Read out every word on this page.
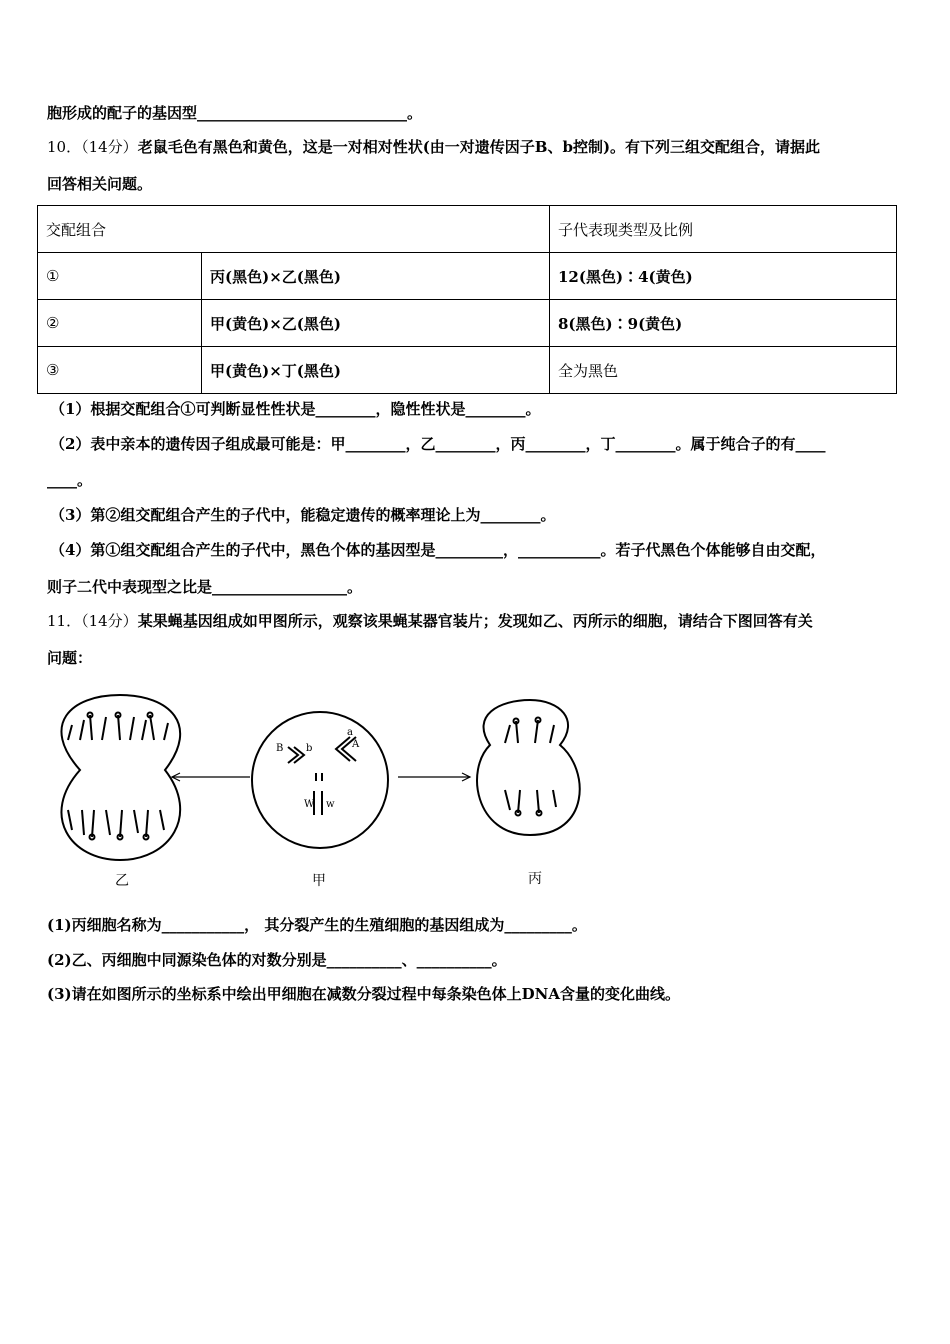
胞形成的配子的基因型____________________________。
10．（14分）老鼠毛色有黑色和黄色，这是一对相对性状(由一对遗传因子B、b控制)。有下列三组交配组合，请据此
回答相关问题。
交配组合		子代表现类型及比例
①	丙(黑色)×乙(黑色)	12(黑色)∶4(黄色)
②	甲(黄色)×乙(黑色)	8(黑色)∶9(黄色)
③	甲(黄色)×丁(黑色)	全为黑色
（1）根据交配组合①可判断显性性状是________，隐性性状是________。
（2）表中亲本的遗传因子组成最可能是：甲________，乙________，丙________，丁________。属于纯合子的有____
____。
（3）第②组交配组合产生的子代中，能稳定遗传的概率理论上为________。
（4）第①组交配组合产生的子代中，黑色个体的基因型是_________，___________。若子代黑色个体能够自由交配，
则子二代中表现型之比是__________________。
11．（14分）某果蝇基因组成如甲图所示，观察该果蝇某器官装片；发现如乙、丙所示的细胞，请结合下图回答有关
问题：
B b
a
A
W w
乙	甲	丙
(1)丙细胞名称为___________， 其分裂产生的生殖细胞的基因组成为_________。
(2)乙、丙细胞中同源染色体的对数分别是__________、__________。
(3)请在如图所示的坐标系中绘出甲细胞在减数分裂过程中每条染色体上DNA含量的变化曲线。
